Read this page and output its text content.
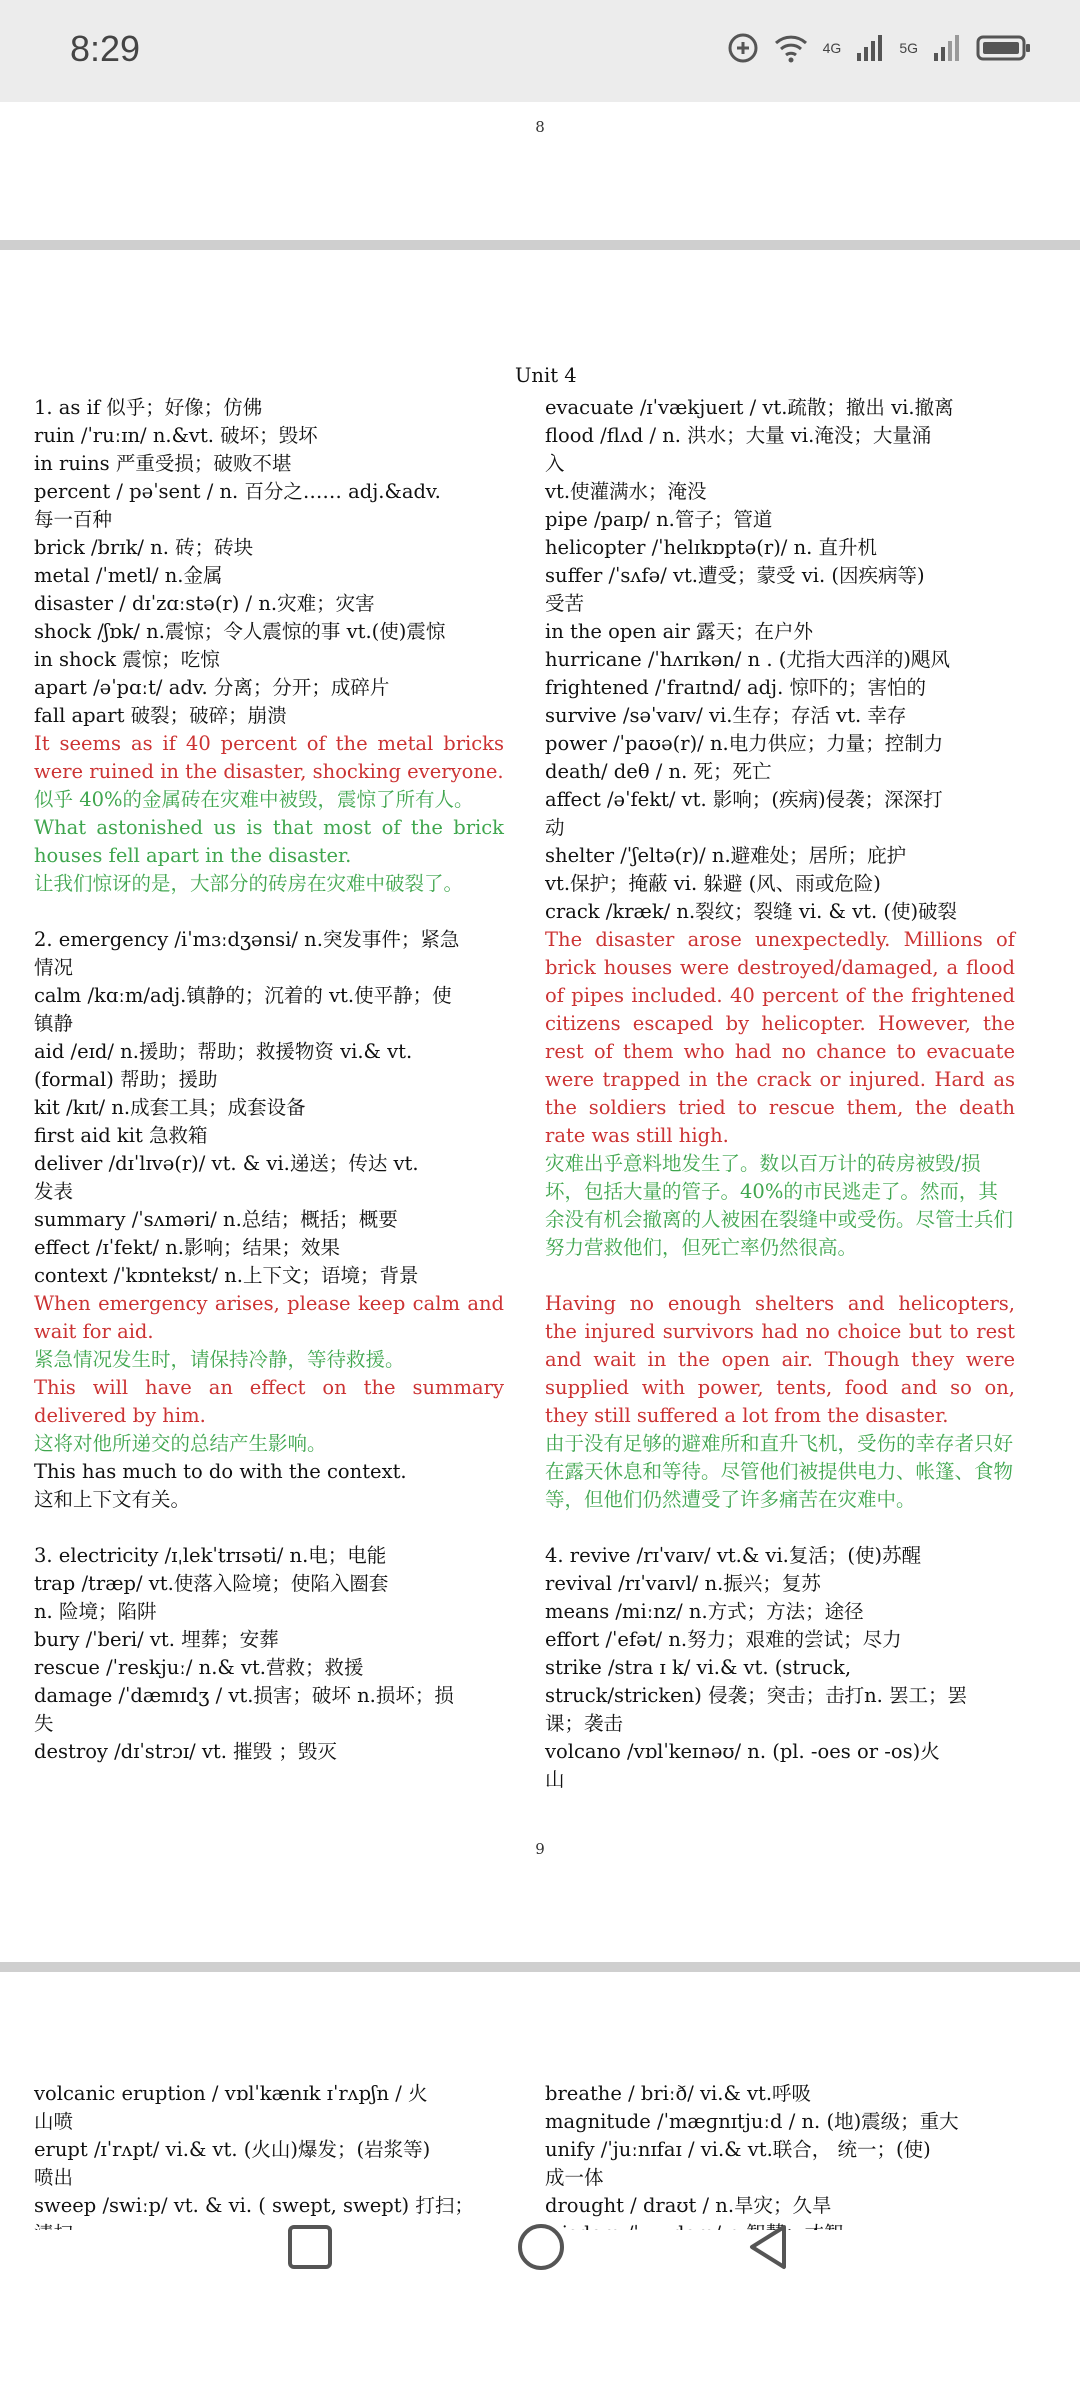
8:29	4G	5G
8
Unit 4
1. as if 似乎；好像；仿佛
ruin /ˈruːɪn/ n.&vt. 破坏；毁坏
in ruins 严重受损；破败不堪
percent / pəˈsent / n. 百分之…… adj.&adv.
每一百种
brick /brɪk/ n. 砖；砖块
metal /ˈmetl/ n.金属
disaster / dɪˈzɑːstə(r) / n.灾难；灾害
shock /ʃɒk/ n.震惊；令人震惊的事 vt.(使)震惊
in shock 震惊；吃惊
apart /əˈpɑːt/ adv. 分离；分开；成碎片
fall apart 破裂；破碎；崩溃
It seems as if 40 percent of the metal bricks were ruined in the disaster, shocking everyone.
似乎 40%的金属砖在灾难中被毁，震惊了所有人。
What astonished us is that most of the brick houses fell apart in the disaster.
让我们惊讶的是，大部分的砖房在灾难中破裂了。
2. emergency /iˈmɜːdʒənsi/ n.突发事件；紧急
情况
calm /kɑːm/adj.镇静的；沉着的 vt.使平静；使
镇静
aid /eɪd/ n.援助；帮助；救援物资 vi.& vt.
(formal) 帮助；援助
kit /kɪt/ n.成套工具；成套设备
first aid kit 急救箱
deliver /dɪˈlɪvə(r)/ vt. & vi.递送；传达 vt.
发表
summary /ˈsʌməri/ n.总结；概括；概要
effect /ɪˈfekt/ n.影响；结果；效果
context /ˈkɒntekst/ n.上下文；语境；背景
When emergency arises, please keep calm and wait for aid.
紧急情况发生时，请保持冷静，等待救援。
This will have an effect on the summary delivered by him.
这将对他所递交的总结产生影响。
This has much to do with the context.
这和上下文有关。
3. electricity /ɪˌlekˈtrɪsəti/ n.电；电能
trap /træp/ vt.使落入险境；使陷入圈套
n. 险境；陷阱
bury /ˈberi/ vt. 埋葬；安葬
rescue /ˈreskjuː/ n.& vt.营救；救援
damage /ˈdæmɪdʒ / vt.损害；破坏 n.损坏；损
失
destroy /dɪˈstrɔɪ/ vt. 摧毁 ；毁灭
evacuate /ɪˈvækjueɪt / vt.疏散；撤出 vi.撤离
flood /flʌd / n. 洪水；大量 vi.淹没；大量涌
入
vt.使灌满水；淹没
pipe /paɪp/ n.管子；管道
helicopter /ˈhelɪkɒptə(r)/ n. 直升机
suffer /ˈsʌfə/ vt.遭受；蒙受 vi. (因疾病等)
受苦
in the open air 露天；在户外
hurricane /ˈhʌrɪkən/ n . (尤指大西洋的)飓风
frightened /ˈfraɪtnd/ adj. 惊吓的；害怕的
survive /səˈvaɪv/ vi.生存；存活 vt. 幸存
power /ˈpaʊə(r)/ n.电力供应；力量；控制力
death/ deθ / n. 死；死亡
affect /əˈfekt/ vt. 影响；(疾病)侵袭；深深打
动
shelter /ˈʃeltə(r)/ n.避难处；居所；庇护
vt.保护；掩蔽 vi. 躲避 (风、雨或危险)
crack /kræk/ n.裂纹；裂缝 vi. & vt. (使)破裂
The disaster arose unexpectedly. Millions of brick houses were destroyed/damaged, a flood of pipes included. 40 percent of the frightened citizens escaped by helicopter. However, the rest of them who had no chance to evacuate were trapped in the crack or injured. Hard as the soldiers tried to rescue them, the death rate was still high.
灾难出乎意料地发生了。数以百万计的砖房被毁/损坏，包括大量的管子。40%的市民逃走了。然而，其余没有机会撤离的人被困在裂缝中或受伤。尽管士兵们努力营救他们，但死亡率仍然很高。
Having no enough shelters and helicopters, the injured survivors had no choice but to rest and wait in the open air. Though they were supplied with power, tents, food and so on, they still suffered a lot from the disaster.
由于没有足够的避难所和直升飞机，受伤的幸存者只好在露天休息和等待。尽管他们被提供电力、帐篷、食物等，但他们仍然遭受了许多痛苦在灾难中。
4. revive /rɪˈvaɪv/ vt.& vi.复活；(使)苏醒
revival /rɪˈvaɪvl/ n.振兴；复苏
means /miːnz/ n.方式；方法；途径
effort /ˈefət/ n.努力；艰难的尝试；尽力
strike /stra ɪ k/ vi.& vt. (struck,
struck/stricken) 侵袭；突击；击打n. 罢工；罢
课；袭击
volcano /vɒlˈkeɪnəʊ/ n. (pl. -oes or -os)火
山
9
volcanic eruption / vɒlˈkænɪk ɪˈrʌpʃn / 火
山喷
erupt /ɪˈrʌpt/ vi.& vt. (火山)爆发；(岩浆等)
喷出
sweep /swiːp/ vt. & vi. ( swept, swept) 打扫；
breathe / briːð/ vi.& vt.呼吸
magnitude /ˈmæɡnɪtjuːd / n. (地)震级；重大
unify /ˈjuːnɪfaɪ / vi.& vt.联合， 统一；(使)
成一体
drought / draʊt / n.旱灾；久旱
